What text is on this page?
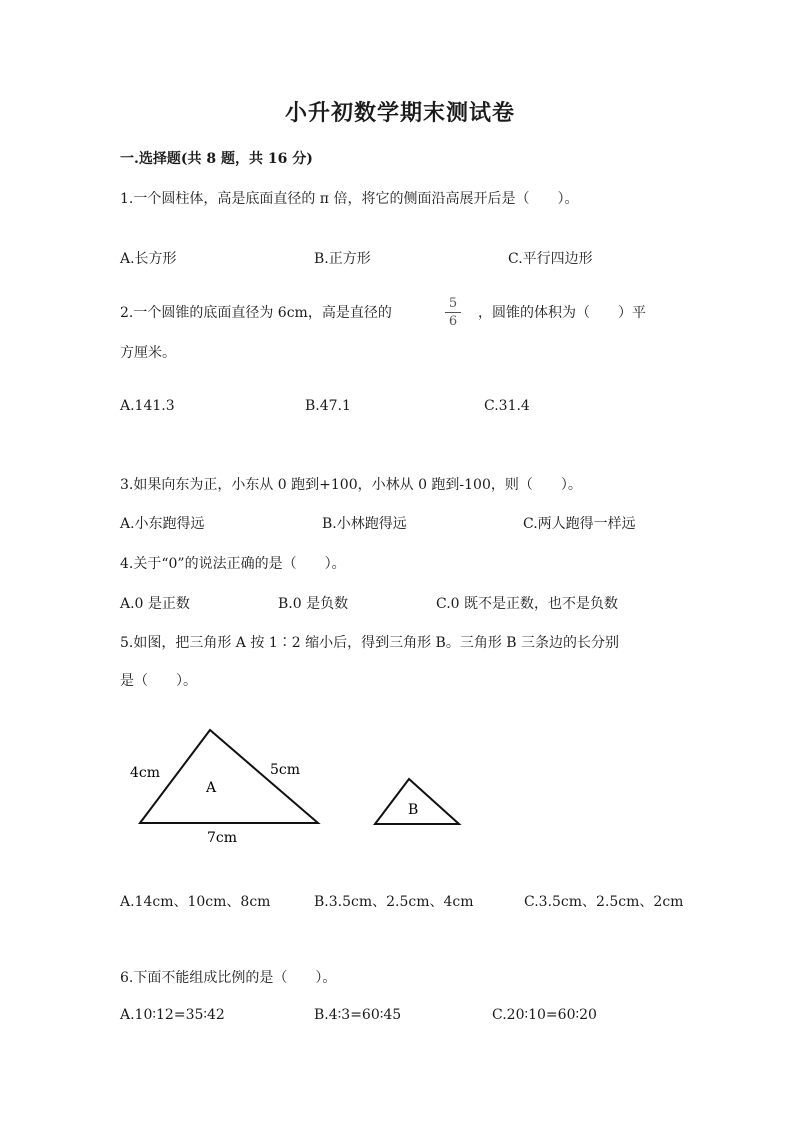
小升初数学期末测试卷
一.选择题(共 8 题，共 16 分)
1.一个圆柱体，高是底面直径的 π 倍，将它的侧面沿高展开后是（　　）。
A.长方形	B.正方形	C.平行四边形
2.一个圆锥的底面直径为 6cm，高是直径的
5
6
，圆锥的体积为（　　）平
方厘米。
A.141.3	B.47.1	C.31.4
3.如果向东为正，小东从 0 跑到+100，小林从 0 跑到-100，则（　　）。
A.小东跑得远	B.小林跑得远	C.两人跑得一样远
4.关于“0”的说法正确的是（　　）。
A.0 是正数	B.0 是负数	C.0 既不是正数，也不是负数
5.如图，把三角形 A 按 1∶2 缩小后，得到三角形 B。三角形 B 三条边的长分别
是（　　）。
4cm	5cm
7cm
A
B
A.14cm、10cm、8cm	B.3.5cm、2.5cm、4cm	C.3.5cm、2.5cm、2cm
6.下面不能组成比例的是（　　）。
A.10∶12=35∶42	B.4∶3=60∶45	C.20∶10=60∶20
